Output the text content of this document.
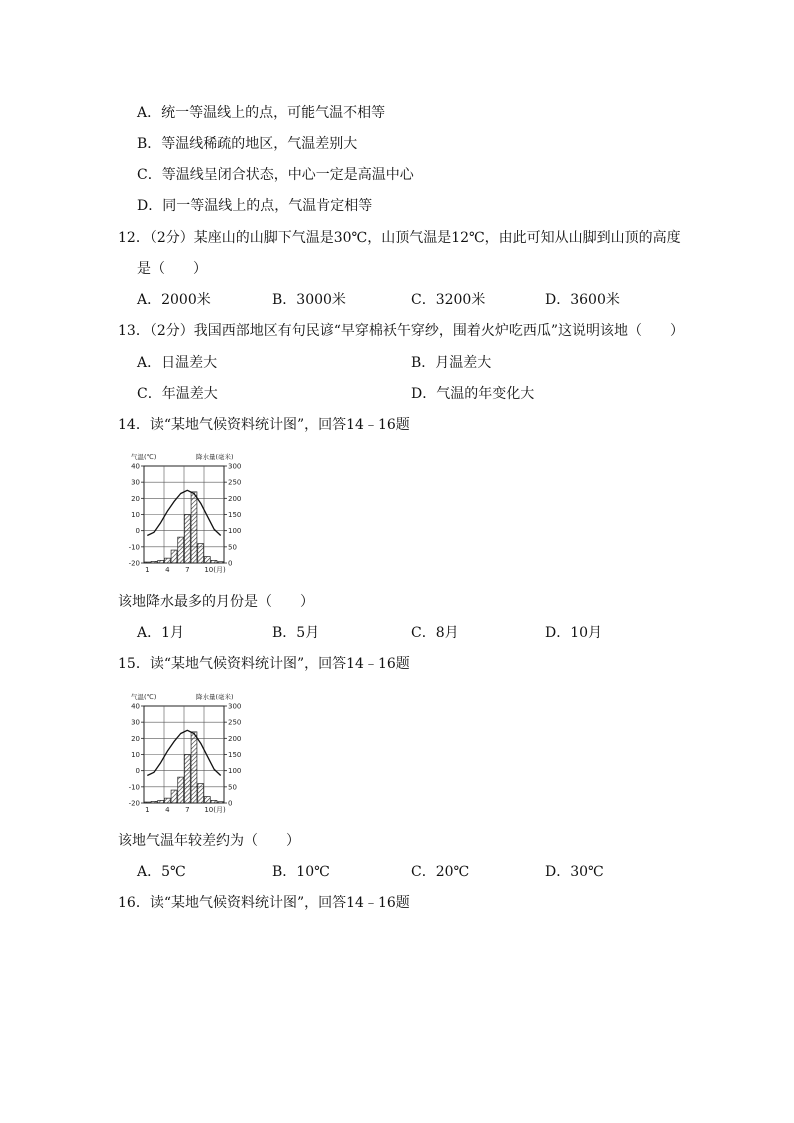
A．统一等温线上的点，可能气温不相等
B．等温线稀疏的地区，气温差别大
C．等温线呈闭合状态，中心一定是高温中心
D．同一等温线上的点，气温肯定相等
12．（2分）某座山的山脚下气温是30℃，山顶气温是12℃，由此可知从山脚到山顶的高度
是（　　）
A．2000米	B．3000米	C．3200米	D．3600米
13．（2分）我国西部地区有句民谚“早穿棉袄午穿纱，围着火炉吃西瓜”这说明该地（　　）
A．日温差大	B．月温差大
C．年温差大	D．气温的年变化大
14．读“某地气候资料统计图”，回答14﹣16题
气温(℃)	降水量(毫米)
40	300
30	250
20	200
10	150
0	100
-10	50
-20	0
1 4 7 10(月)
该地降水最多的月份是（　　）
A．1月	B．5月	C．8月	D．10月
15．读“某地气候资料统计图”，回答14﹣16题
气温(℃)	降水量(毫米)
40	300
30	250
20	200
10	150
0	100
-10	50
-20	0
1 4 7 10(月)
该地气温年较差约为（　　）
A．5℃	B．10℃	C．20℃	D．30℃
16．读“某地气候资料统计图”，回答14﹣16题
